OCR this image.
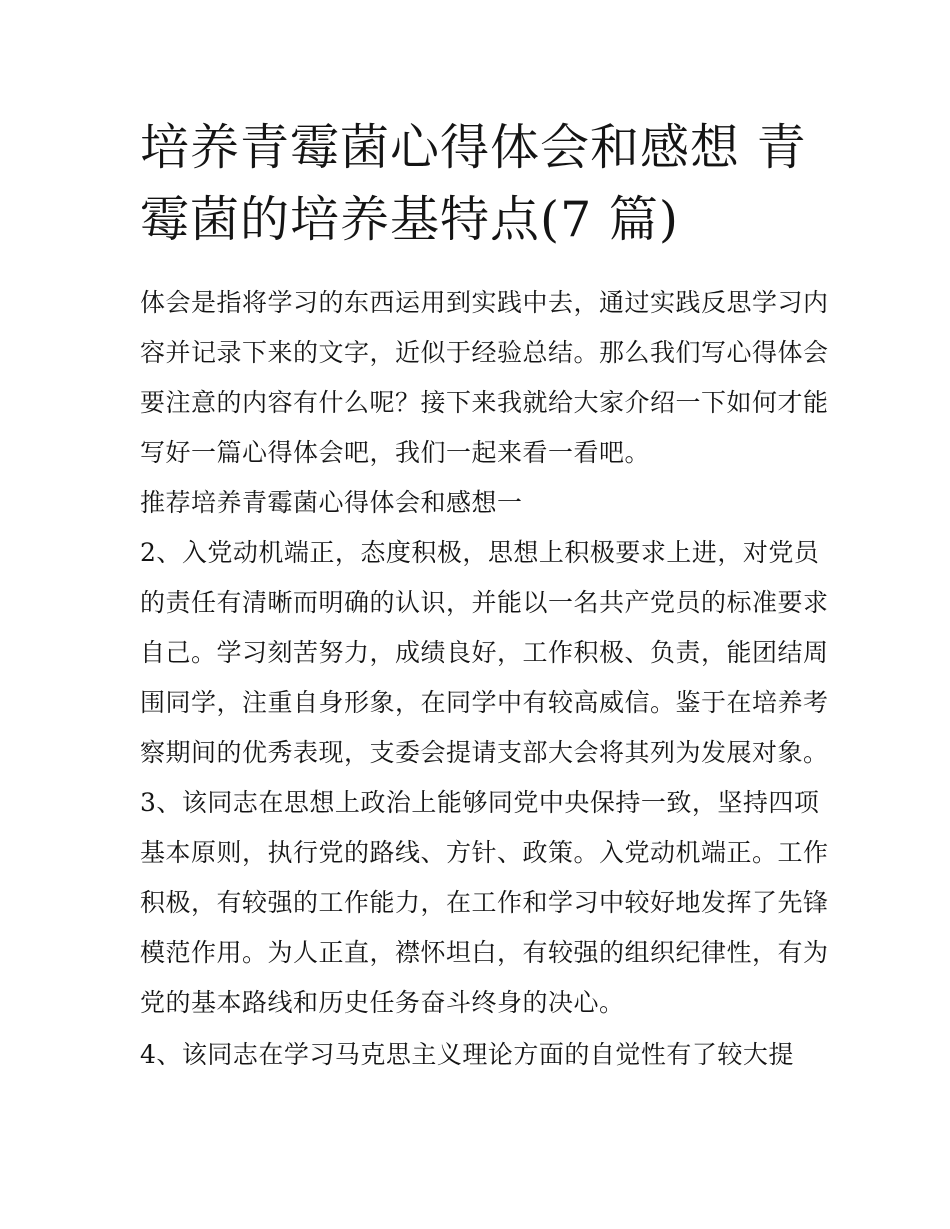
培养青霉菌心得体会和感想 青
霉菌的培养基特点(7 篇)
体会是指将学习的东西运用到实践中去，通过实践反思学习内
容并记录下来的文字，近似于经验总结。那么我们写心得体会
要注意的内容有什么呢？接下来我就给大家介绍一下如何才能
写好一篇心得体会吧，我们一起来看一看吧。
推荐培养青霉菌心得体会和感想一
2、入党动机端正，态度积极，思想上积极要求上进，对党员
的责任有清晰而明确的认识，并能以一名共产党员的标准要求
自己。学习刻苦努力，成绩良好，工作积极、负责，能团结周
围同学，注重自身形象，在同学中有较高威信。鉴于在培养考
察期间的优秀表现，支委会提请支部大会将其列为发展对象。
3、该同志在思想上政治上能够同党中央保持一致，坚持四项
基本原则，执行党的路线、方针、政策。入党动机端正。工作
积极，有较强的工作能力，在工作和学习中较好地发挥了先锋
模范作用。为人正直，襟怀坦白，有较强的组织纪律性，有为
党的基本路线和历史任务奋斗终身的决心。
4、该同志在学习马克思主义理论方面的自觉性有了较大提
